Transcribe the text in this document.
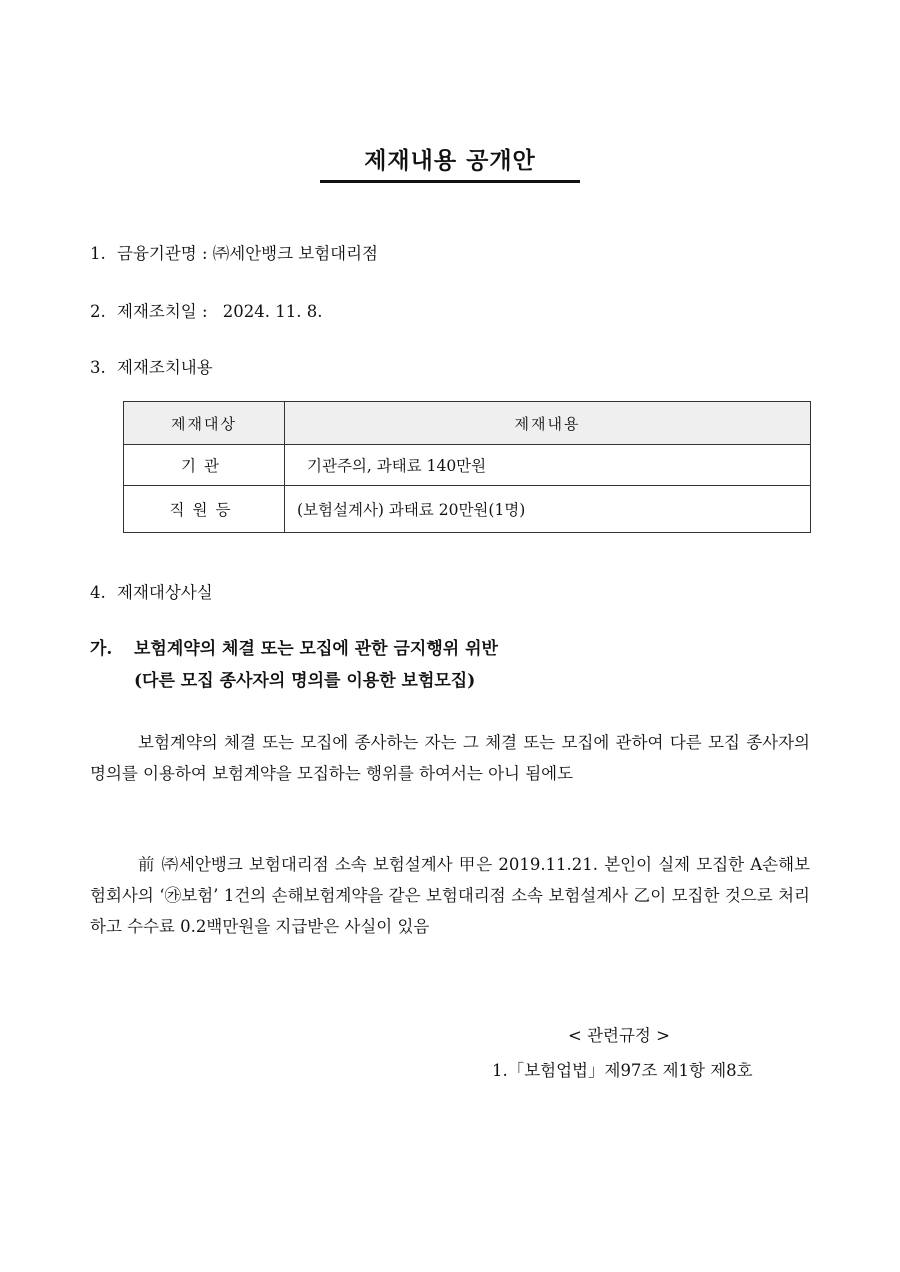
제재내용 공개안
1. 금융기관명 : ㈜세안뱅크 보험대리점
2. 제재조치일 : 2024. 11. 8.
3. 제재조치내용
제재대상	제재내용
기관	기관주의, 과태료 140만원
직원등	(보험설계사) 과태료 20만원(1명)
4. 제재대상사실
가. 보험계약의 체결 또는 모집에 관한 금지행위 위반
(다른 모집 종사자의 명의를 이용한 보험모집)

보험계약의 체결 또는 모집에 종사하는 자는 그 체결 또는 모집에 관하여 다른 모집 종사자의 명의를 이용하여 보험계약을 모집하는 행위를 하여서는 아니 됨에도

前 ㈜세안뱅크 보험대리점 소속 보험설계사 甲은 2019.11.21. 본인이 실제 모집한 A손해보험회사의 ‘㉮보험’ 1건의 손해보험계약을 같은 보험대리점 소속 보험설계사 乙이 모집한 것으로 처리하고 수수료 0.2백만원을 지급받은 사실이 있음

< 관련규정 >
1.「보험업법」제97조 제1항 제8호
